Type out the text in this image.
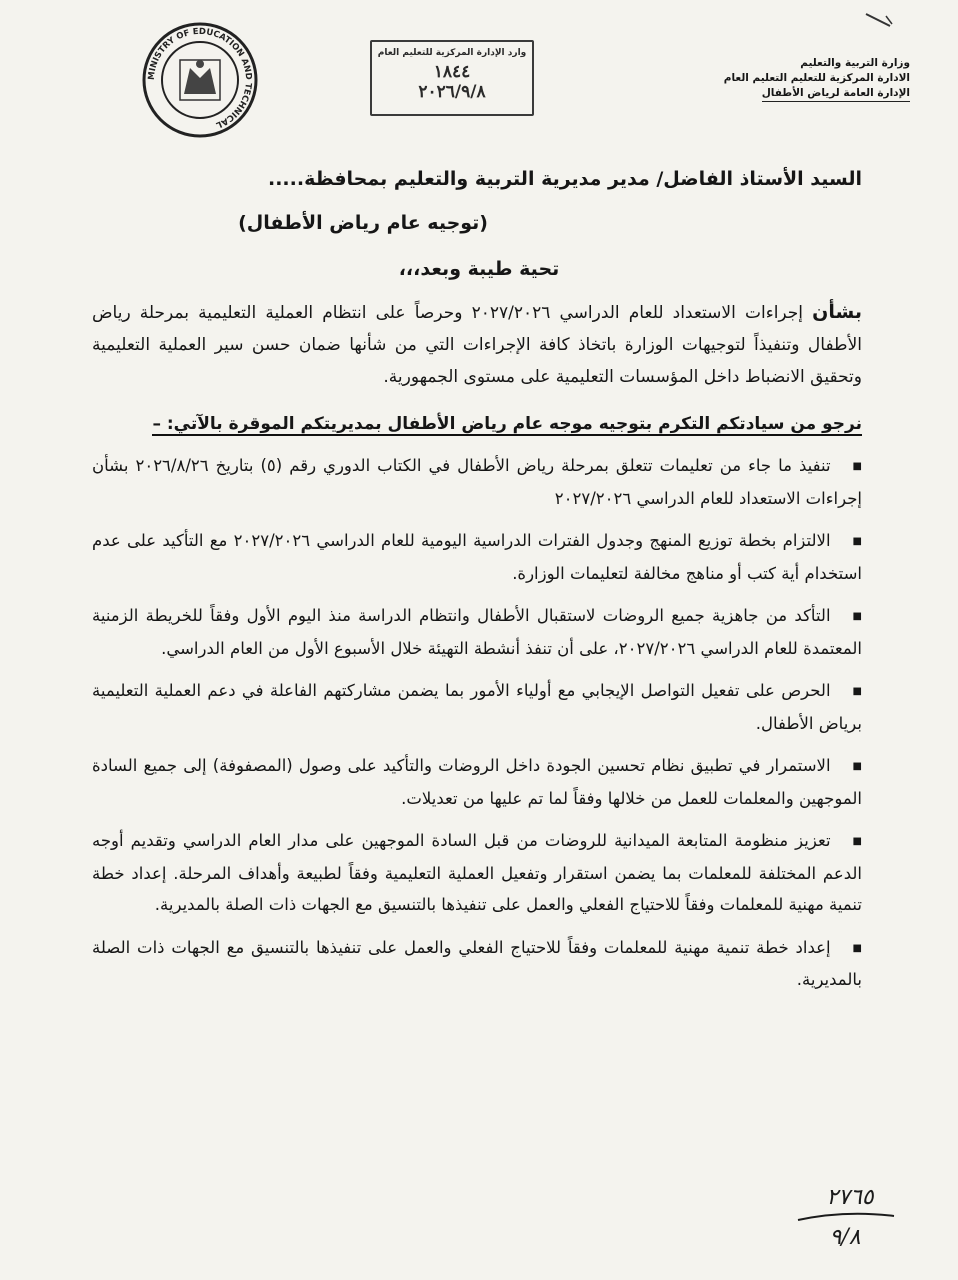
وزارة التربية والتعليم
الادارة المركزية للتعليم التعليم العام
الإدارة العامة لرياض الأطفال
وارد الإدارة المركزية للتعليم العام
١٨٤٤
٢٠٢٦/٩/٨
MINISTRY OF EDUCATION AND TECHNICAL
السيد الأستاذ الفاضل/ مدير مديرية التربية والتعليم بمحافظة.....
(توجيه عام رياض الأطفال)
تحية طيبة وبعد،،،
بشأن إجراءات الاستعداد للعام الدراسي ٢٠٢٧/٢٠٢٦ وحرصاً على انتظام العملية التعليمية بمرحلة رياض الأطفال وتنفيذاً لتوجيهات الوزارة باتخاذ كافة الإجراءات التي من شأنها ضمان حسن سير العملية التعليمية وتحقيق الانضباط داخل المؤسسات التعليمية على مستوى الجمهورية.
نرجو من سيادتكم التكرم بتوجيه موجه عام رياض الأطفال بمديريتكم الموقرة بالآتي: –
■تنفيذ ما جاء من تعليمات تتعلق بمرحلة رياض الأطفال في الكتاب الدوري رقم (٥) بتاريخ ٢٠٢٦/٨/٢٦ بشأن إجراءات الاستعداد للعام الدراسي ٢٠٢٧/٢٠٢٦
■الالتزام بخطة توزيع المنهج وجدول الفترات الدراسية اليومية للعام الدراسي ٢٠٢٧/٢٠٢٦ مع التأكيد على عدم استخدام أية كتب أو مناهج مخالفة لتعليمات الوزارة.
■التأكد من جاهزية جميع الروضات لاستقبال الأطفال وانتظام الدراسة منذ اليوم الأول وفقاً للخريطة الزمنية المعتمدة للعام الدراسي ٢٠٢٧/٢٠٢٦، على أن تنفذ أنشطة التهيئة خلال الأسبوع الأول من العام الدراسي.
■الحرص على تفعيل التواصل الإيجابي مع أولياء الأمور بما يضمن مشاركتهم الفاعلة في دعم العملية التعليمية برياض الأطفال.
■الاستمرار في تطبيق نظام تحسين الجودة داخل الروضات والتأكيد على وصول (المصفوفة) إلى جميع السادة الموجهين والمعلمات للعمل من خلالها وفقاً لما تم عليها من تعديلات.
■تعزيز منظومة المتابعة الميدانية للروضات من قبل السادة الموجهين على مدار العام الدراسي وتقديم أوجه الدعم المختلفة للمعلمات بما يضمن استقرار وتفعيل العملية التعليمية وفقاً لطبيعة وأهداف المرحلة. إعداد خطة تنمية مهنية للمعلمات وفقاً للاحتياج الفعلي والعمل على تنفيذها بالتنسيق مع الجهات ذات الصلة بالمديرية.
■إعداد خطة تنمية مهنية للمعلمات وفقاً للاحتياج الفعلي والعمل على تنفيذها بالتنسيق مع الجهات ذات الصلة بالمديرية.
٢٧٦٥
٩/٨
